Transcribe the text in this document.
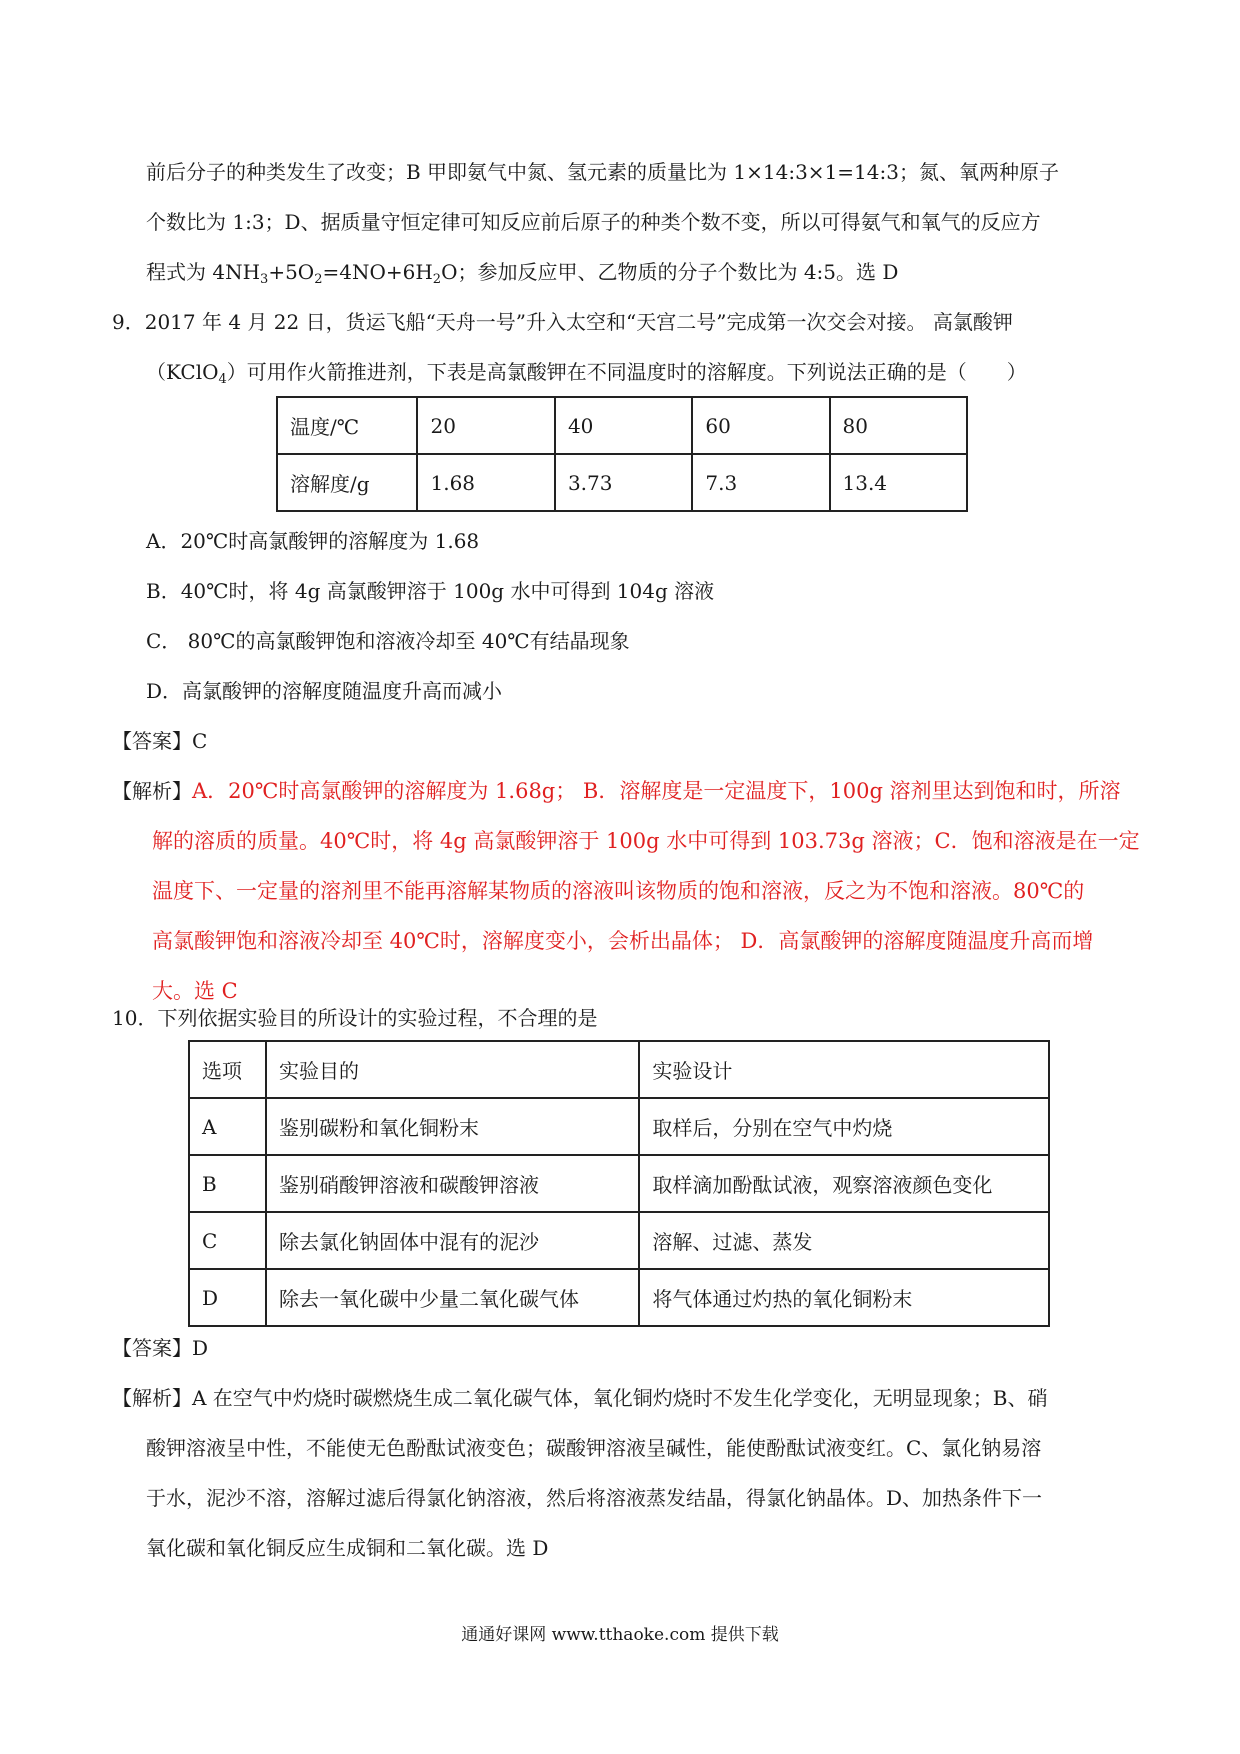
前后分子的种类发生了改变；B 甲即氨气中氮、氢元素的质量比为 1×14:3×1=14:3；氮、氧两种原子
个数比为 1:3；D、据质量守恒定律可知反应前后原子的种类个数不变，所以可得氨气和氧气的反应方
程式为 $4NH_3+5O_2=4NO+6H_2O$；参加反应甲、乙物质的分子个数比为 4:5。选 D
9．2017 年 4 月 22 日，货运飞船“天舟一号”升入太空和“天宫二号”完成第一次交会对接。 高氯酸钾
（KClO$_4$）可用作火箭推进剂，下表是高氯酸钾在不同温度时的溶解度。下列说法正确的是（　　）
温度/℃	20	40	60	80
溶解度/g	1.68	3.73	7.3	13.4
A．20℃时高氯酸钾的溶解度为 1.68
B．40℃时，将 4g 高氯酸钾溶于 100g 水中可得到 104g 溶液
C． 80℃的高氯酸钾饱和溶液冷却至 40℃有结晶现象
D．高氯酸钾的溶解度随温度升高而减小
【答案】C
【解析】A．20℃时高氯酸钾的溶解度为 1.68g； B．溶解度是一定温度下，100g 溶剂里达到饱和时，所溶
解的溶质的质量。40℃时，将 4g 高氯酸钾溶于 100g 水中可得到 103.73g 溶液；C．饱和溶液是在一定
温度下、一定量的溶剂里不能再溶解某物质的溶液叫该物质的饱和溶液，反之为不饱和溶液。80℃的
高氯酸钾饱和溶液冷却至 40℃时，溶解度变小，会析出晶体； D．高氯酸钾的溶解度随温度升高而增
大。选 C
10．下列依据实验目的所设计的实验过程，不合理的是
选项	实验目的	实验设计
A	鉴别碳粉和氧化铜粉末	取样后，分别在空气中灼烧
B	鉴别硝酸钾溶液和碳酸钾溶液	取样滴加酚酞试液，观察溶液颜色变化
C	除去氯化钠固体中混有的泥沙	溶解、过滤、蒸发
D	除去一氧化碳中少量二氧化碳气体	将气体通过灼热的氧化铜粉末
【答案】D
【解析】A 在空气中灼烧时碳燃烧生成二氧化碳气体，氧化铜灼烧时不发生化学变化，无明显现象；B、硝
酸钾溶液呈中性，不能使无色酚酞试液变色；碳酸钾溶液呈碱性，能使酚酞试液变红。C、氯化钠易溶
于水，泥沙不溶，溶解过滤后得氯化钠溶液，然后将溶液蒸发结晶，得氯化钠晶体。D、加热条件下一
氧化碳和氧化铜反应生成铜和二氧化碳。选 D
通通好课网 www.tthaoke.com 提供下载
